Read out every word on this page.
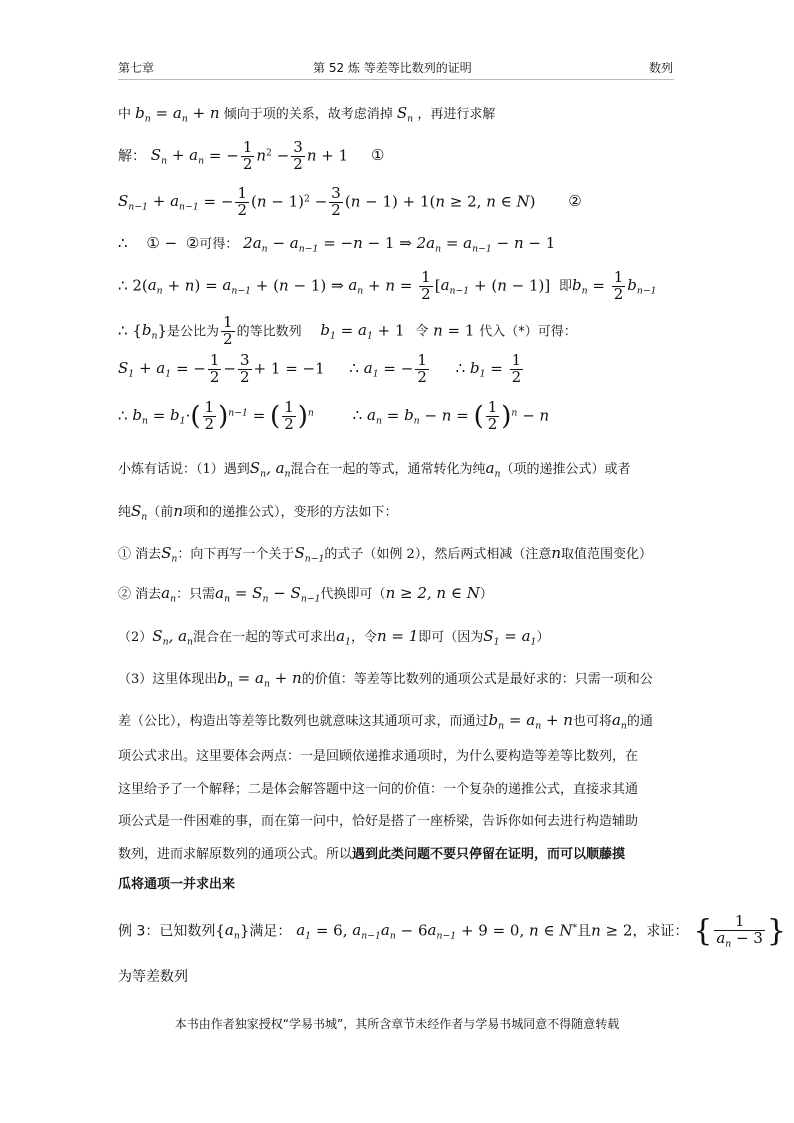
第七章	第 52 炼 等差等比数列的证明	数列
中 $b_n = a_n + n$ 倾向于项的关系，故考虑消掉 $S_n$ ，再进行求解
解： $S_n + a_n$ = − $\frac{1}{2} n^2 - \frac{3}{2}$ n + 1 ①
$S_{n-1} + a_{n-1}$ = − $\frac{1}{2} (n - 1)^2 - \frac{3}{2} (n - 1) + 1(n \ge 2$, n ∈ N) ②
∴ ① − ②可得： $2a_n - a_{n-1} = -n - 1$ ⇒ $2a_n = a_{n-1} - n - 1$
∴ $2(a_n + n) = a_{n-1} + (n - 1)$ ⇒ $a_n + n = \frac{1}{2} [a_{n-1} + (n - 1)]$ 即$b_n = \frac{1}{2} b_{n-1}$
∴ $\{b_n\}$是公比为 $\frac{1}{2}$ 的等比数列 $b_1 = a_1 + 1$ 令 n = 1 代入（*）可得：
$S_1 + a_1$ = − $\frac{1}{2} - \frac{3}{2} + 1 = -1$ ∴ $a_1$ = − $\frac{1}{2}$ ∴ $b_1 = \frac{1}{2}$
∴ $b_n = b_1\cdot( \frac{1}{2} )^{n-1}$ = ( $\frac{1}{2} )^n$	∴ $a_n = b_n - n$ = ( $\frac{1}{2} )^n - n$
小炼有话说：（1）遇到$S_n$, $a_n$混合在一起的等式，通常转化为纯$a_n$（项的递推公式）或者
纯$S_n$（前n项和的递推公式），变形的方法如下：
① 消去$S_n$：向下再写一个关于$S_{n-1}$的式子（如例 2），然后两式相减（注意n取值范围变化）
② 消去$a_n$：只需$a_n = S_n - S_{n-1}$代换即可（n ≥ 2, n ∈ N）
$(2)S_n$, $a_n$混合在一起的等式可求出$a_1$，令n = 1即可（因为$S_1 = a_1$）
（3）这里体现出$b_n = a_n + n$的价值：等差等比数列的通项公式是最好求的：只需一项和公
差（公比），构造出等差等比数列也就意味这其通项可求，而通过$b_n = a_n + n$也可将$a_n$的通
项公式求出。这里要体会两点：一是回顾依递推求通项时，为什么要构造等差等比数列，在
这里给予了一个解释；二是体会解答题中这一问的价值：一个复杂的递推公式，直接求其通
项公式是一件困难的事，而在第一问中，恰好是搭了一座桥梁，告诉你如何去进行构造辅助
数列，进而求解原数列的通项公式。所以遇到此类问题不要只停留在证明，而可以顺藤摸
瓜将通项一并求出来
例 3：已知数列$\{a_n\}$满足： $a_1 = 6$, $a_{n-1}a_n - 6a_{n-1} + 9 = 0$, n ∈ N*且n ≥ 2，求证： { $\frac{1}{a_n - 3}$ }
为等差数列
本书由作者独家授权“学易书城”，其所含章节未经作者与学易书城同意不得随意转载
